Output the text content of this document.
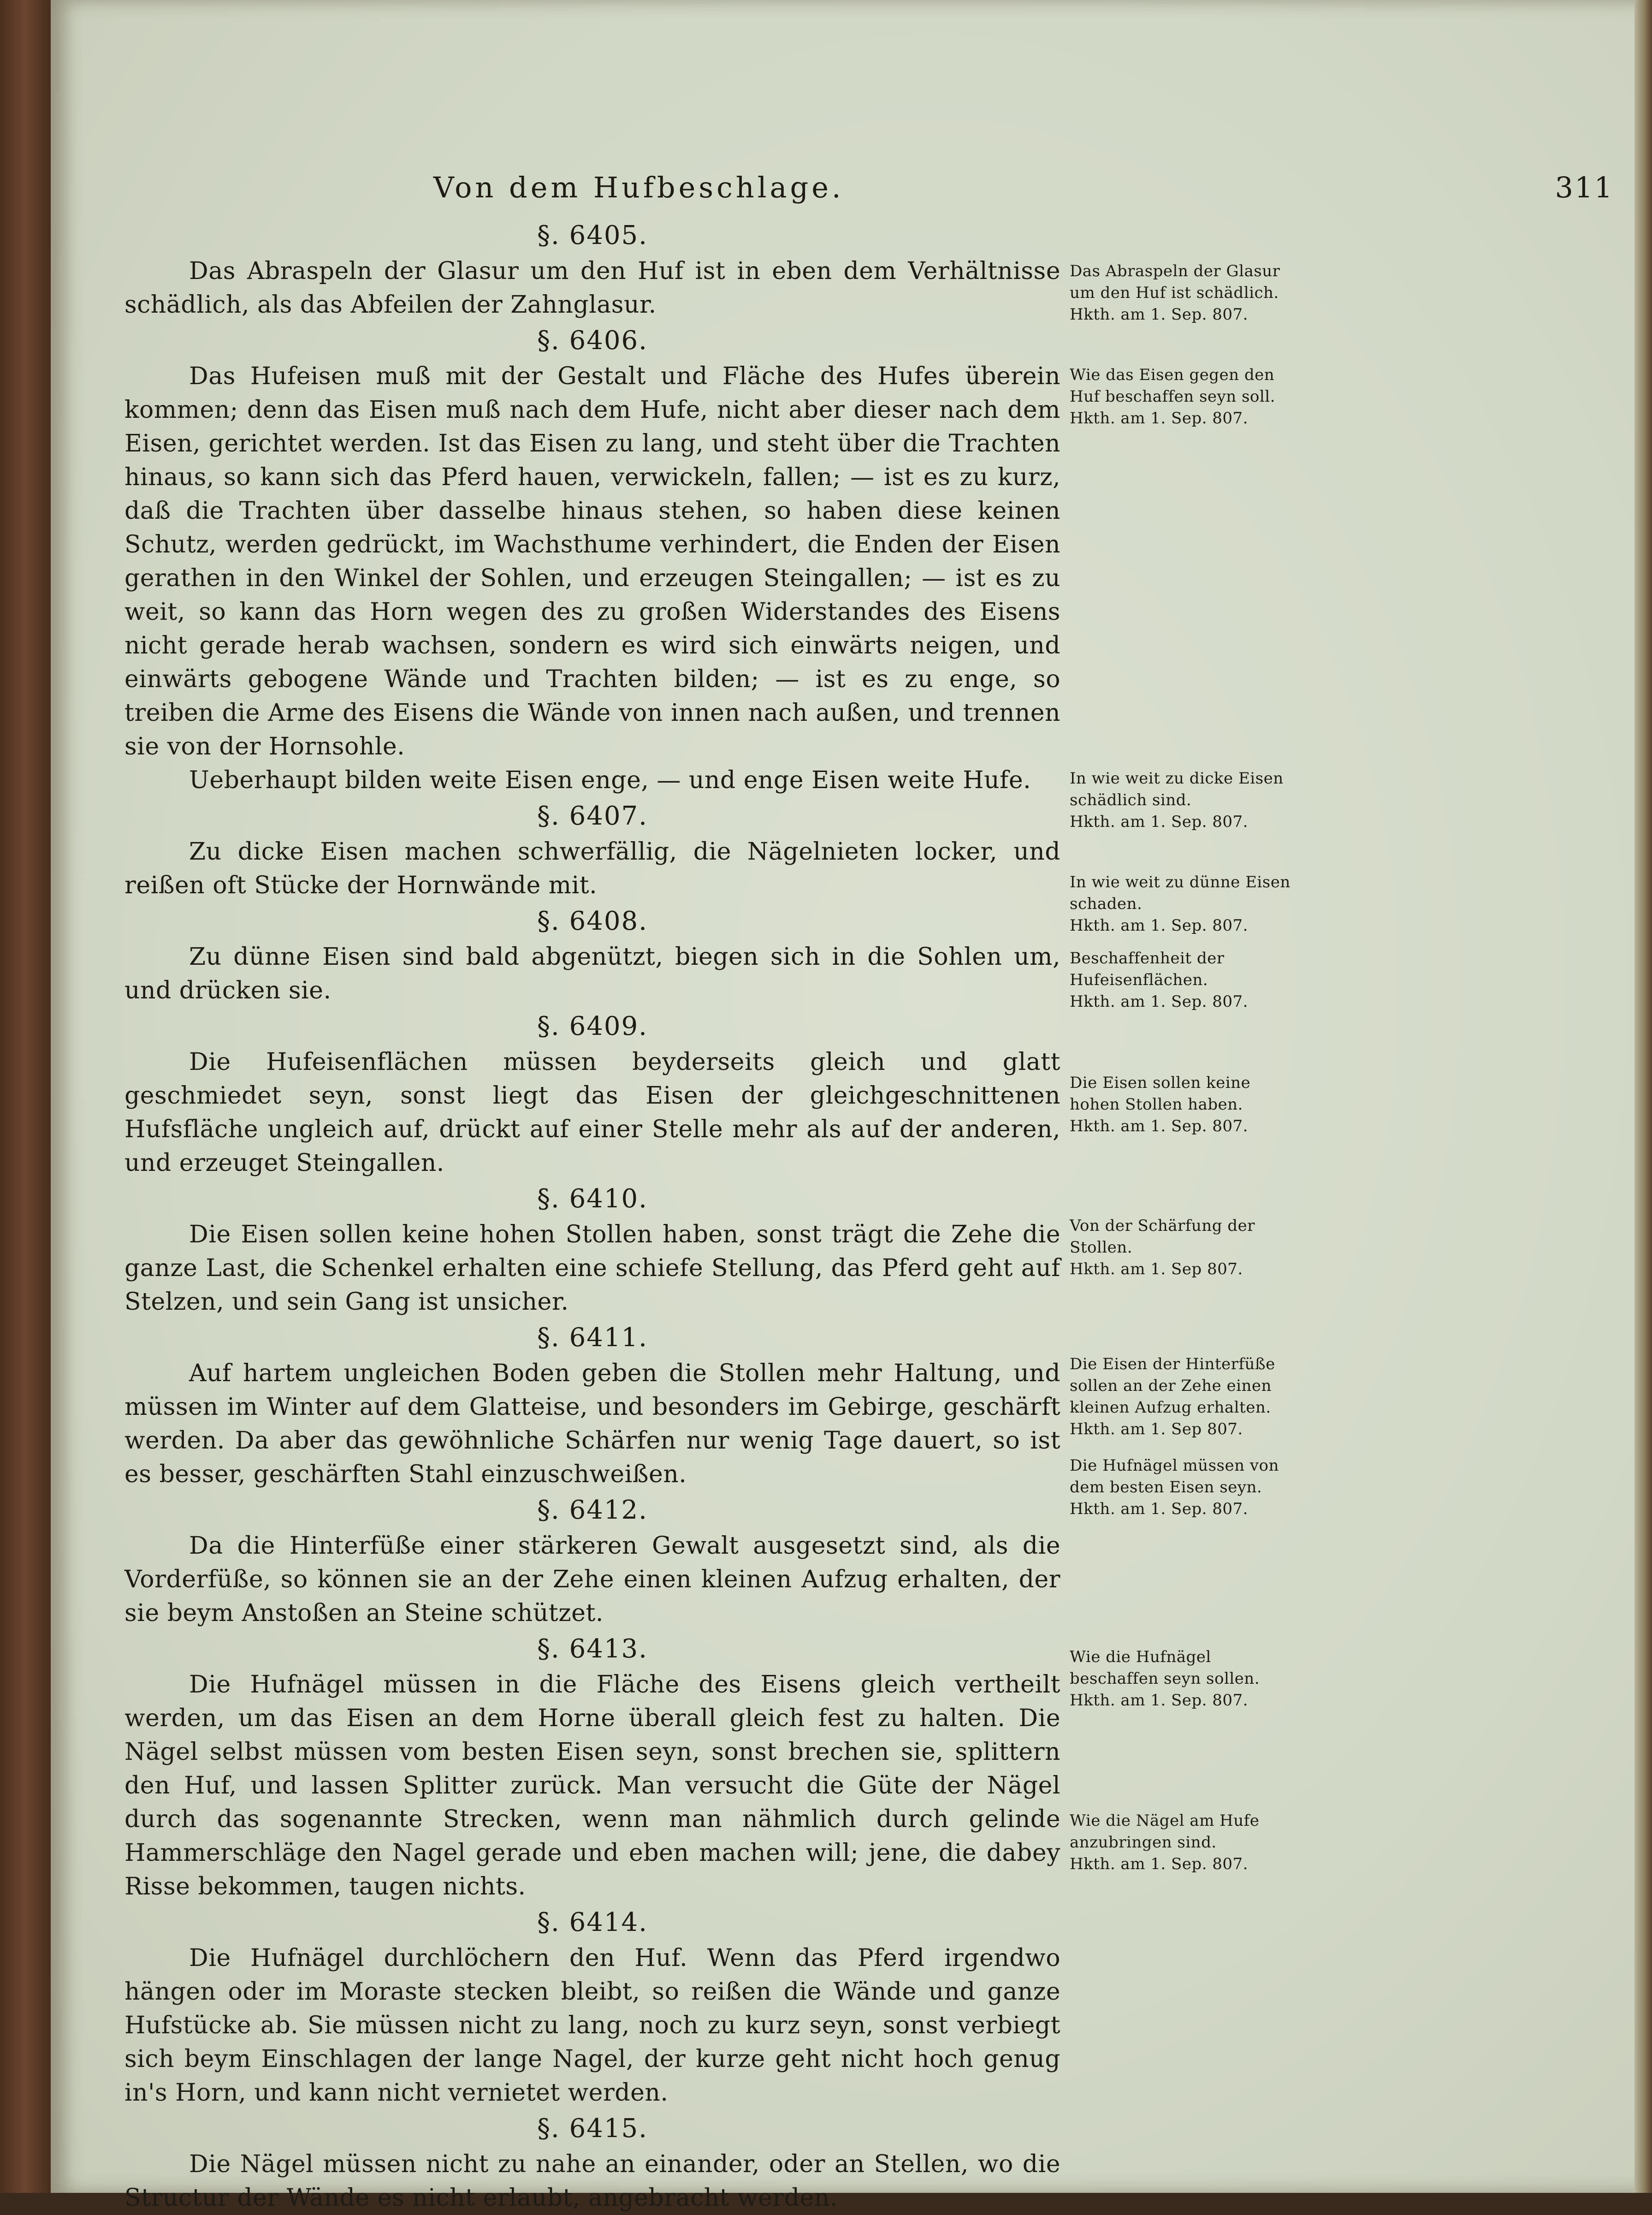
Von dem Hufbeschlage.	311

§. 6405.

Das Abraspeln der Glasur um den Huf ist in eben dem Verhältnisse schädlich, als das Abfeilen der Zahnglasur.

§. 6406.

Das Hufeisen muß mit der Gestalt und Fläche des Hufes überein kommen; denn das Eisen muß nach dem Hufe, nicht aber dieser nach dem Eisen, gerichtet werden. Ist das Eisen zu lang, und steht über die Trachten hinaus, so kann sich das Pferd hauen, verwickeln, fallen; — ist es zu kurz, daß die Trachten über dasselbe hinaus stehen, so haben diese keinen Schutz, werden gedrückt, im Wachsthume verhindert, die Enden der Eisen gerathen in den Winkel der Sohlen, und erzeugen Steingallen; — ist es zu weit, so kann das Horn wegen des zu großen Widerstandes des Eisens nicht gerade herab wachsen, sondern es wird sich einwärts neigen, und einwärts gebogene Wände und Trachten bilden; — ist es zu enge, so treiben die Arme des Eisens die Wände von innen nach außen, und trennen sie von der Hornsohle.

Ueberhaupt bilden weite Eisen enge, — und enge Eisen weite Hufe.

§. 6407.

Zu dicke Eisen machen schwerfällig, die Nägelnieten locker, und reißen oft Stücke der Hornwände mit.

§. 6408.

Zu dünne Eisen sind bald abgenützt, biegen sich in die Sohlen um, und drücken sie.

§. 6409.

Die Hufeisenflächen müssen beyderseits gleich und glatt geschmiedet seyn, sonst liegt das Eisen der gleichgeschnittenen Hufsfläche ungleich auf, drückt auf einer Stelle mehr als auf der anderen, und erzeuget Steingallen.

§. 6410.

Die Eisen sollen keine hohen Stollen haben, sonst trägt die Zehe die ganze Last, die Schenkel erhalten eine schiefe Stellung, das Pferd geht auf Stelzen, und sein Gang ist unsicher.

§. 6411.

Auf hartem ungleichen Boden geben die Stollen mehr Haltung, und müssen im Winter auf dem Glatteise, und besonders im Gebirge, geschärft werden. Da aber das gewöhnliche Schärfen nur wenig Tage dauert, so ist es besser, geschärften Stahl einzuschweißen.

§. 6412.

Da die Hinterfüße einer stärkeren Gewalt ausgesetzt sind, als die Vorderfüße, so können sie an der Zehe einen kleinen Aufzug erhalten, der sie beym Anstoßen an Steine schützet.

§. 6413.

Die Hufnägel müssen in die Fläche des Eisens gleich vertheilt werden, um das Eisen an dem Horne überall gleich fest zu halten. Die Nägel selbst müssen vom besten Eisen seyn, sonst brechen sie, splittern den Huf, und lassen Splitter zurück. Man versucht die Güte der Nägel durch das sogenannte Strecken, wenn man nähmlich durch gelinde Hammerschläge den Nagel gerade und eben machen will; jene, die dabey Risse bekommen, taugen nichts.

§. 6414.

Die Hufnägel durchlöchern den Huf. Wenn das Pferd irgendwo hängen oder im Moraste stecken bleibt, so reißen die Wände und ganze Hufstücke ab. Sie müssen nicht zu lang, noch zu kurz seyn, sonst verbiegt sich beym Einschlagen der lange Nagel, der kurze geht nicht hoch genug in's Horn, und kann nicht vernietet werden.

§. 6415.

Die Nägel müssen nicht zu nahe an einander, oder an Stellen, wo die Structur der Wände es nicht erlaubt, angebracht werden.

Das Abraspeln der Glasur um den Huf ist schädlich.
Hkth. am 1. Sep. 807.
Wie das Eisen gegen den Huf beschaffen seyn soll.
Hkth. am 1. Sep. 807.
In wie weit zu dicke Eisen schädlich sind.
Hkth. am 1. Sep. 807.
In wie weit zu dünne Eisen schaden.
Hkth. am 1. Sep. 807.
Beschaffenheit der Hufeisenflächen.
Hkth. am 1. Sep. 807.
Die Eisen sollen keine hohen Stollen haben.
Hkth. am 1. Sep. 807.
Von der Schärfung der Stollen.
Hkth. am 1. Sep 807.
Die Eisen der Hinterfüße sollen an der Zehe einen kleinen Aufzug erhalten.
Hkth. am 1. Sep 807.
Die Hufnägel müssen von dem besten Eisen seyn.
Hkth. am 1. Sep. 807.
Wie die Hufnägel beschaffen seyn sollen.
Hkth. am 1. Sep. 807.
Wie die Nägel am Hufe anzubringen sind.
Hkth. am 1. Sep. 807.
